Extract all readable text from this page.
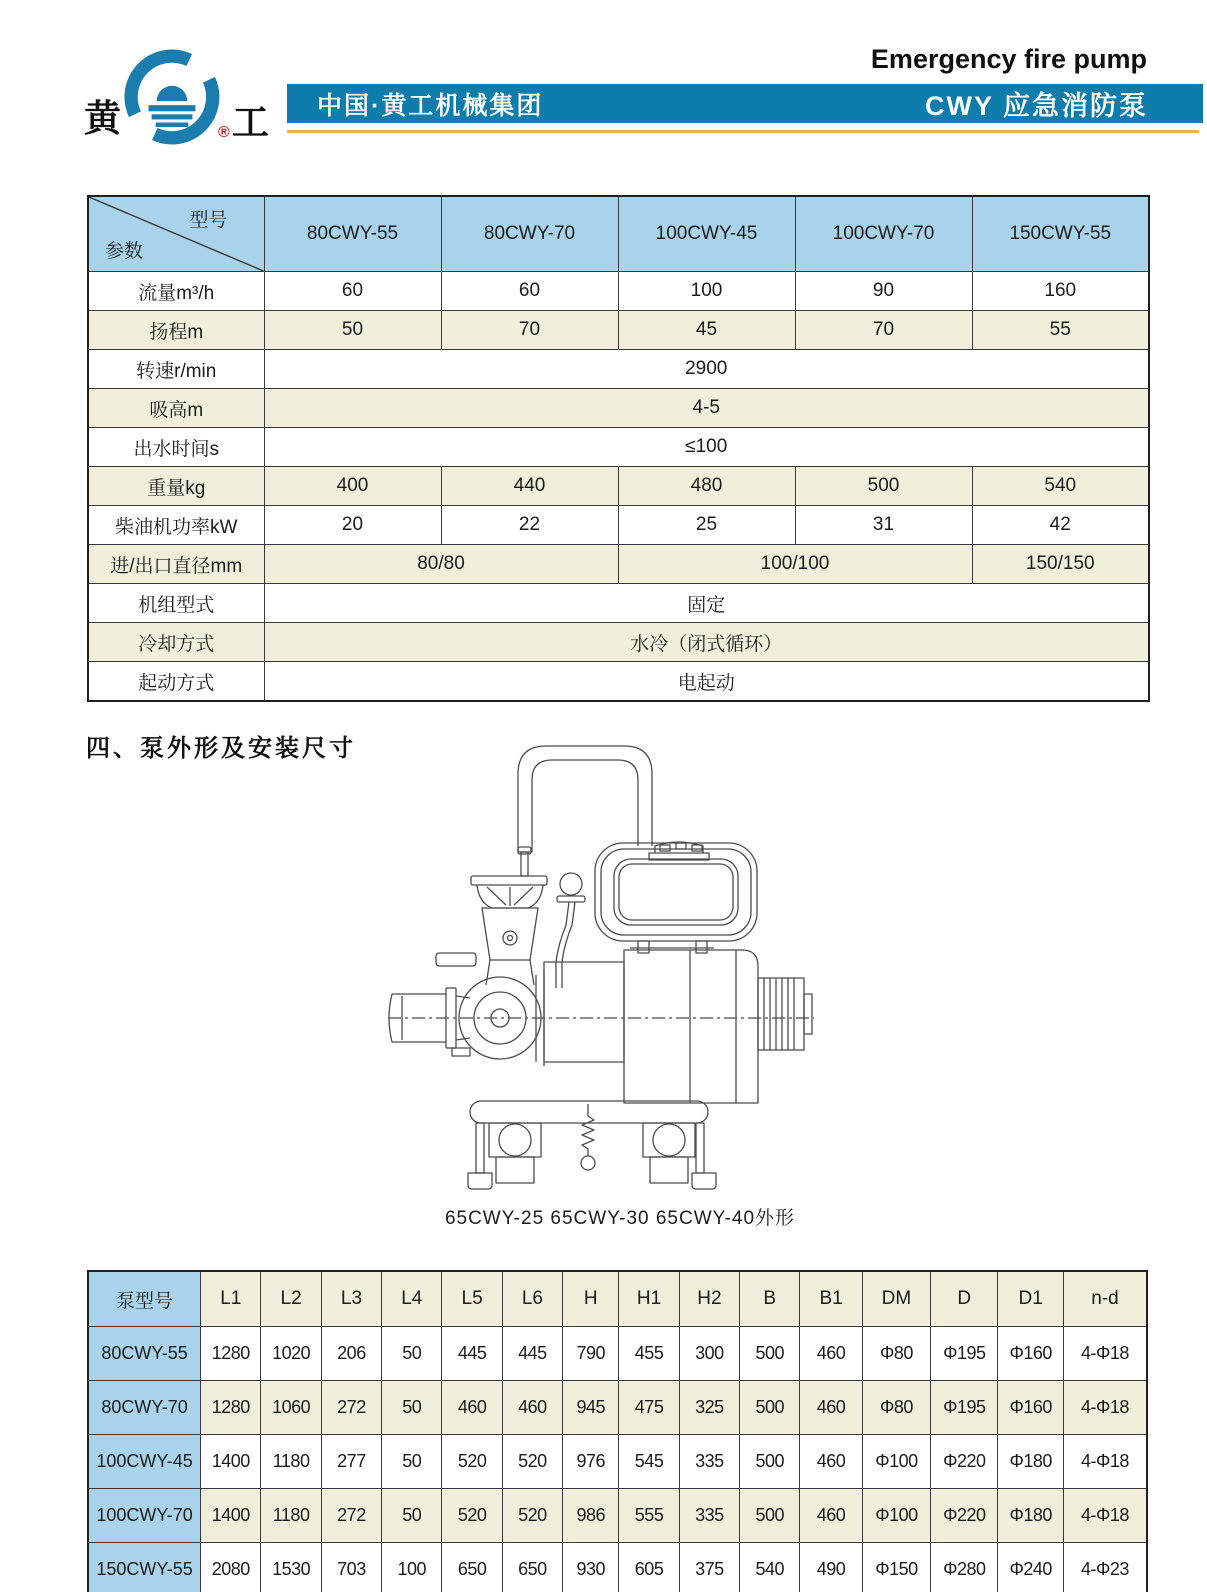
黄	工
®
Emergency fire pump
中国·黄工机械集团	CWY 应急消防泵
型号
参数	80CWY-55	80CWY-70	100CWY-45	100CWY-70	150CWY-55
流量m³/h	60	60	100	90	160
扬程m	50	70	45	70	55
转速r/min	2900				
吸高m	4-5				
出水时间s	≤100				
重量kg	400	440	480	500	540
柴油机功率kW	20	22	25	31	42
进/出口直径mm	80/80		100/100		150/150
机组型式	固定				
冷却方式	水冷（闭式循环）				
起动方式	电起动				
四、泵外形及安装尺寸
65CWY-25 65CWY-30 65CWY-40外形
泵型号	L1	L2	L3	L4	L5	L6	H	H1	H2	B	B1	DM	D	D1	n-d
80CWY-55	1280	1020	206	50	445	445	790	455	300	500	460	Φ80	Φ195	Φ160	4-Φ18
80CWY-70	1280	1060	272	50	460	460	945	475	325	500	460	Φ80	Φ195	Φ160	4-Φ18
100CWY-45	1400	1180	277	50	520	520	976	545	335	500	460	Φ100	Φ220	Φ180	4-Φ18
100CWY-70	1400	1180	272	50	520	520	986	555	335	500	460	Φ100	Φ220	Φ180	4-Φ18
150CWY-55	2080	1530	703	100	650	650	930	605	375	540	490	Φ150	Φ280	Φ240	4-Φ23
